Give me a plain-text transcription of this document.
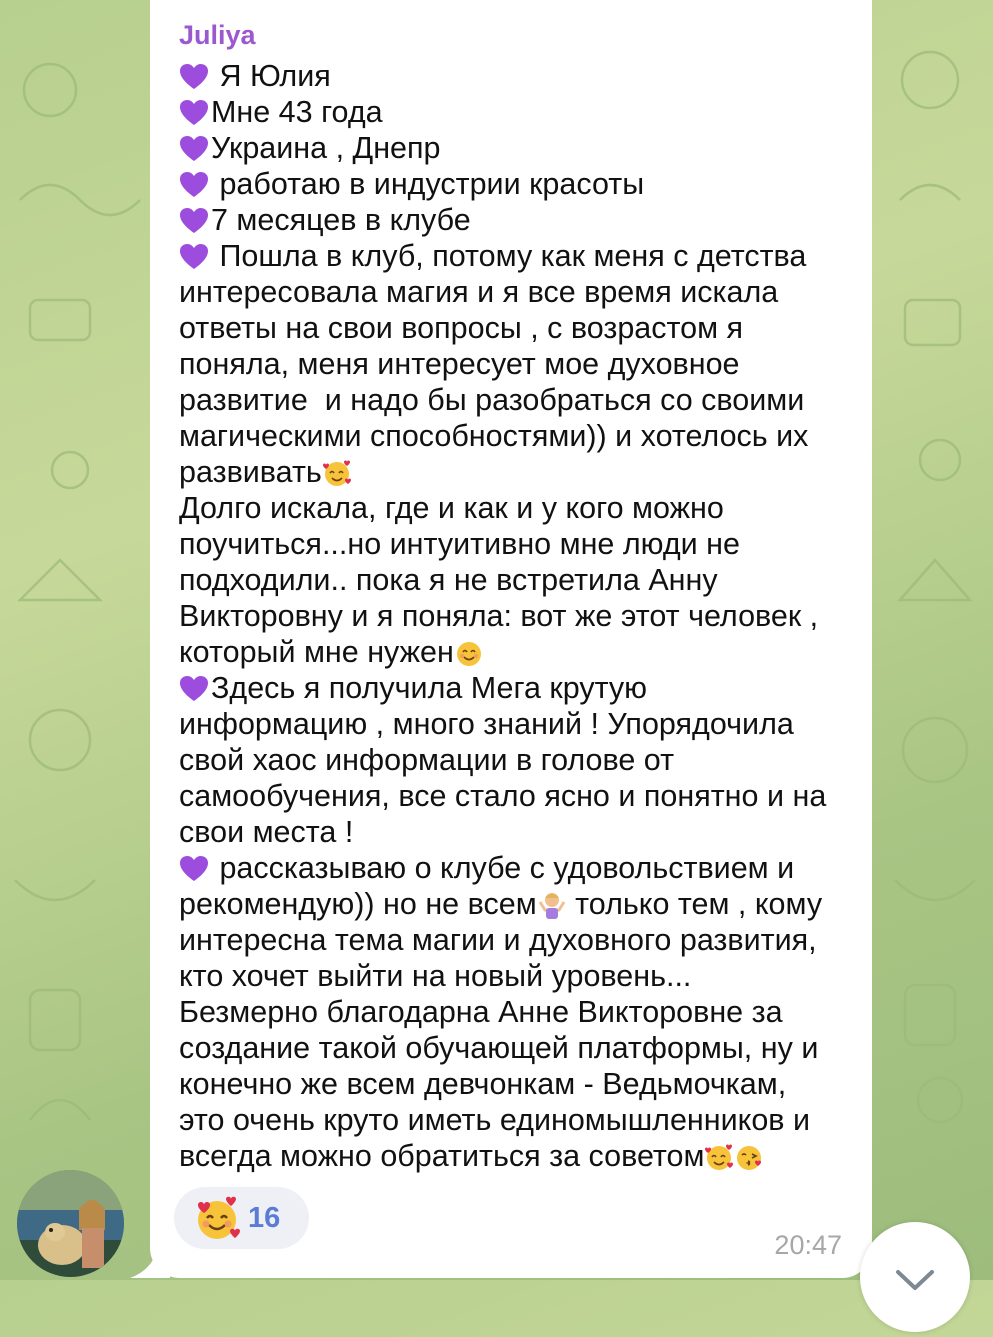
Juliya
Я Юлия
Мне 43 года
Украина , Днепр
работаю в индустрии красоты
7 месяцев в клубе
Пошла в клуб, потому как меня с детства
интересовала магия и я все время искала
ответы на свои вопросы , с возрастом я
поняла, меня интересует мое духовное
развитие  и надо бы разобраться со своими
магическими способностями)) и хотелось их
развивать
Долго искала, где и как и у кого можно
поучиться...но интуитивно мне люди не
подходили.. пока я не встретила Анну
Викторовну и я поняла: вот же этот человек ,
который мне нужен
Здесь я получила Мега крутую
информацию , много знаний ! Упорядочила
свой хаос информации в голове от
самообучения, все стало ясно и понятно и на
свои места !
рассказываю о клубе с удовольствием и
рекомендую)) но не всем только тем , кому
интересна тема магии и духовного развития,
кто хочет выйти на новый уровень...
Безмерно благодарна Анне Викторовне за
создание такой обучающей платформы, ну и
конечно же всем девчонкам - Ведьмочкам,
это очень круто иметь единомышленников и
всегда можно обратиться за советом
16
20:47
